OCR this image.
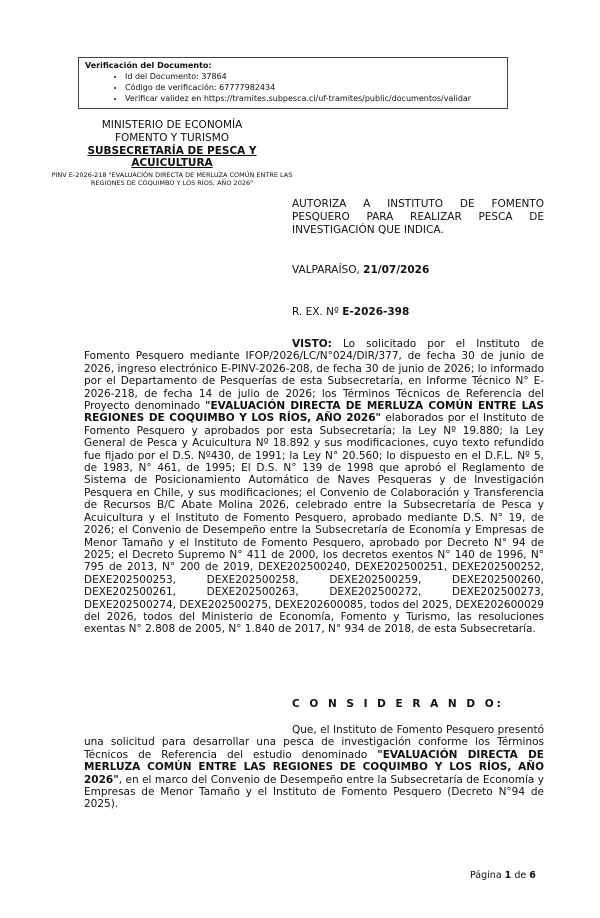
Verificación del Documento:
• Id del Documento: 37864
• Código de verificación: 67777982434
• Verificar validez en https://tramites.subpesca.cl/uf-tramites/public/documentos/validar
MINISTERIO DE ECONOMÍA
FOMENTO Y TURISMO
SUBSECRETARÍA DE PESCA Y ACUICULTURA
PINV E-2026-218 "EVALUACIÓN DIRECTA DE MERLUZA COMÚN ENTRE LAS REGIONES DE COQUIMBO Y LOS RÍOS, AÑO 2026"
AUTORIZA A INSTITUTO DE FOMENTO PESQUERO PARA REALIZAR PESCA DE INVESTIGACIÓN QUE INDICA.
VALPARAÍSO, 21/07/2026
R. EX. Nº E-2026-398

VISTO: Lo solicitado por el Instituto de Fomento Pesquero mediante IFOP/2026/LC/N°024/DIR/377, de fecha 30 de junio de 2026, ingreso electrónico E-PINV-2026-208, de fecha 30 de junio de 2026; lo informado por el Departamento de Pesquerías de esta Subsecretaría, en Informe Técnico N° E-2026-218, de fecha 14 de julio de 2026; los Términos Técnicos de Referencia del Proyecto denominado "EVALUACIÓN DIRECTA DE MERLUZA COMÚN ENTRE LAS REGIONES DE COQUIMBO Y LOS RÍOS, AÑO 2026" elaborados por el Instituto de Fomento Pesquero y aprobados por esta Subsecretaría; la Ley Nº 19.880; la Ley General de Pesca y Acuicultura Nº 18.892 y sus modificaciones, cuyo texto refundido fue fijado por el D.S. Nº430, de 1991; la Ley N° 20.560; lo dispuesto en el D.F.L. Nº 5, de 1983, N° 461, de 1995; El D.S. N° 139 de 1998 que aprobó el Reglamento de Sistema de Posicionamiento Automático de Naves Pesqueras y de Investigación Pesquera en Chile, y sus modificaciones; el Convenio de Colaboración y Transferencia de Recursos B/C Abate Molina 2026, celebrado entre la Subsecretaría de Pesca y Acuicultura y el Instituto de Fomento Pesquero, aprobado mediante D.S. N° 19, de 2026; el Convenio de Desempeño entre la Subsecretaría de Economía y Empresas de Menor Tamaño y el Instituto de Fomento Pesquero, aprobado por Decreto N° 94 de 2025; el Decreto Supremo N° 411 de 2000, los decretos exentos N° 140 de 1996, N° 795 de 2013, N° 200 de 2019, DEXE202500240, DEXE202500251, DEXE202500252, DEXE202500253, DEXE202500258, DEXE202500259, DEXE202500260, DEXE202500261, DEXE202500263, DEXE202500272, DEXE202500273, DEXE202500274, DEXE202500275, DEXE202600085, todos del 2025, DEXE202600029 del 2026, todos del Ministerio de Economía, Fomento y Turismo, las resoluciones exentas N° 2.808 de 2005, N° 1.840 de 2017, N° 934 de 2018, de esta Subsecretaría.

C O N S I D E R A N D O:

Que, el Instituto de Fomento Pesquero presentó una solicitud para desarrollar una pesca de investigación conforme los Términos Técnicos de Referencia del estudio denominado "EVALUACIÓN DIRECTA DE MERLUZA COMÚN ENTRE LAS REGIONES DE COQUIMBO Y LOS RÍOS, AÑO 2026", en el marco del Convenio de Desempeño entre la Subsecretaría de Economía y Empresas de Menor Tamaño y el Instituto de Fomento Pesquero (Decreto N°94 de 2025).

Página 1 de 6
